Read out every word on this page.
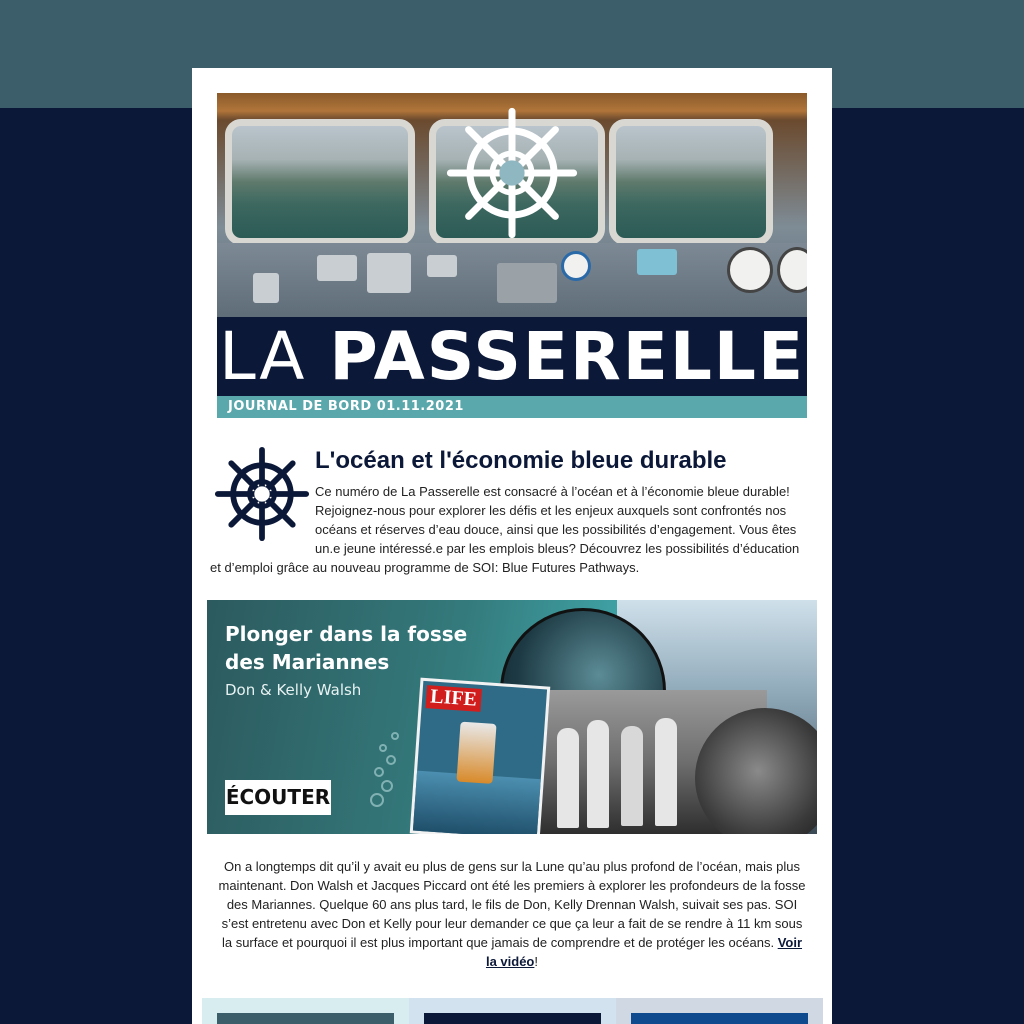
LA PASSERELLE
JOURNAL DE BORD 01.11.2021
L'océan et l'économie bleue durable
Ce numéro de La Passerelle est consacré à l’océan et à l’économie bleue durable! Rejoignez-nous pour explorer les défis et les enjeux auxquels sont confrontés nos océans et réserves d’eau douce, ainsi que les possibilités d’engagement. Vous êtes un.e jeune intéressé.e par les emplois bleus? Découvrez les possibilités d’éducation
et d’emploi grâce au nouveau programme de SOI: Blue Futures Pathways.
LIFE
Plonger dans la fosse
des Mariannes
Don & Kelly Walsh
ÉCOUTER
On a longtemps dit qu’il y avait eu plus de gens sur la Lune qu’au plus profond de l’océan, mais plus maintenant. Don Walsh et Jacques Piccard ont été les premiers à explorer les profondeurs de la fosse des Mariannes. Quelque 60 ans plus tard, le fils de Don, Kelly Drennan Walsh, suivait ses pas. SOI s’est entretenu avec Don et Kelly pour leur demander ce que ça leur a fait de se rendre à 11 km sous la surface et pourquoi il est plus important que jamais de comprendre et de protéger les océans. Voir la vidéo!
